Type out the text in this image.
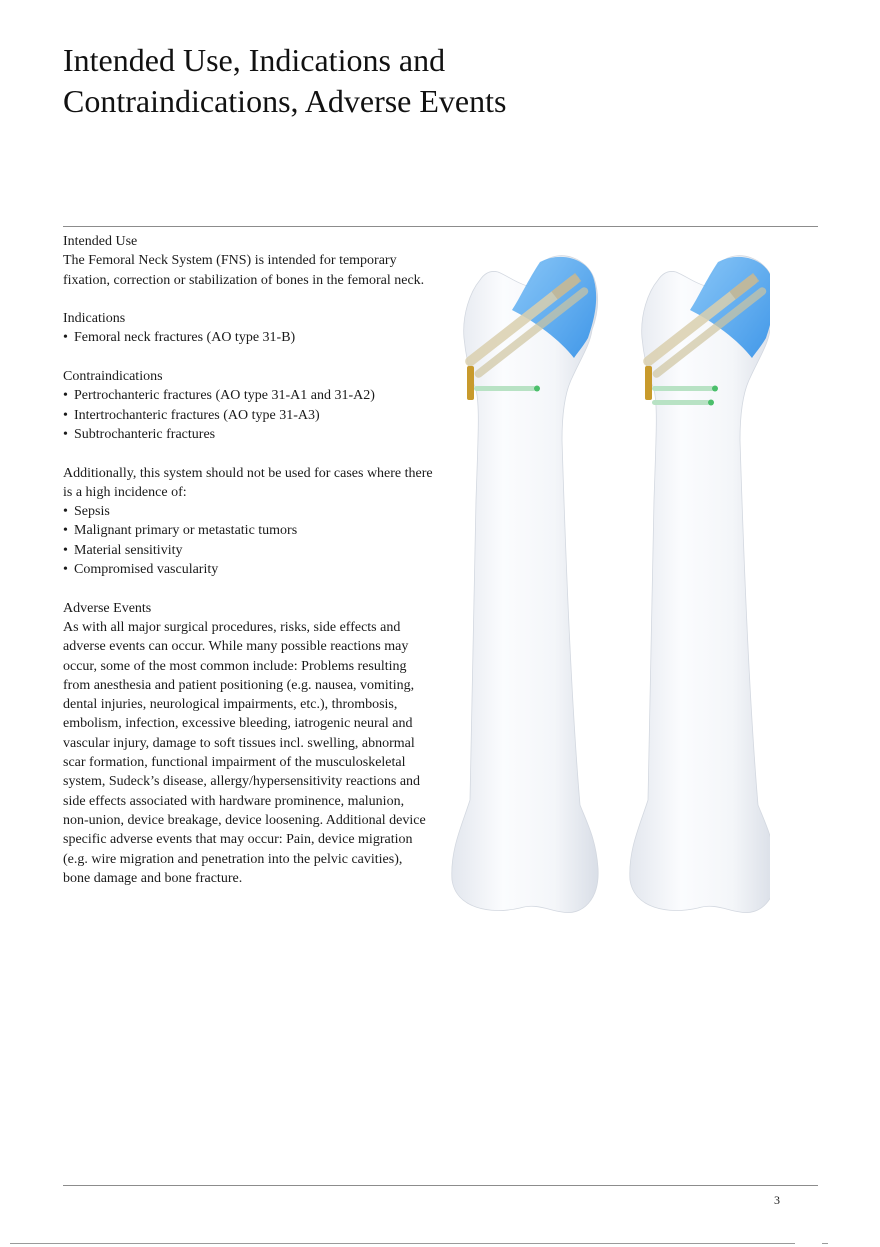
Intended Use, Indications and
Contraindications, Adverse Events
Intended Use

The Femoral Neck System (FNS) is intended for temporary fixation, correction or stabilization of bones in the femoral neck.

Indications
• Femoral neck fractures (AO type 31-B)
Contraindications
• Pertrochanteric fractures (AO type 31-A1 and 31-A2)
• Intertrochanteric fractures (AO type 31-A3)
• Subtrochanteric fractures

Additionally, this system should not be used for cases where there is a high incidence of:

• Sepsis
• Malignant primary or metastatic tumors
• Material sensitivity
• Compromised vascularity
Adverse Events

As with all major surgical procedures, risks, side effects and adverse events can occur. While many possible reactions may occur, some of the most common include: Problems resulting from anesthesia and patient positioning (e.g. nausea, vomiting, dental injuries, neurological impairments, etc.), thrombosis, embolism, infection, excessive bleeding, iatrogenic neural and vascular injury, damage to soft tissues incl. swelling, abnormal scar formation, functional impairment of the musculoskeletal system, Sudeck’s disease, allergy/hypersensitivity reactions and side effects associated with hardware prominence, malunion, non-union, device breakage, device loosening. Additional device specific adverse events that may occur: Pain, device migration (e.g. wire migration and penetration into the pelvic cavities), bone damage and bone fracture.

3
